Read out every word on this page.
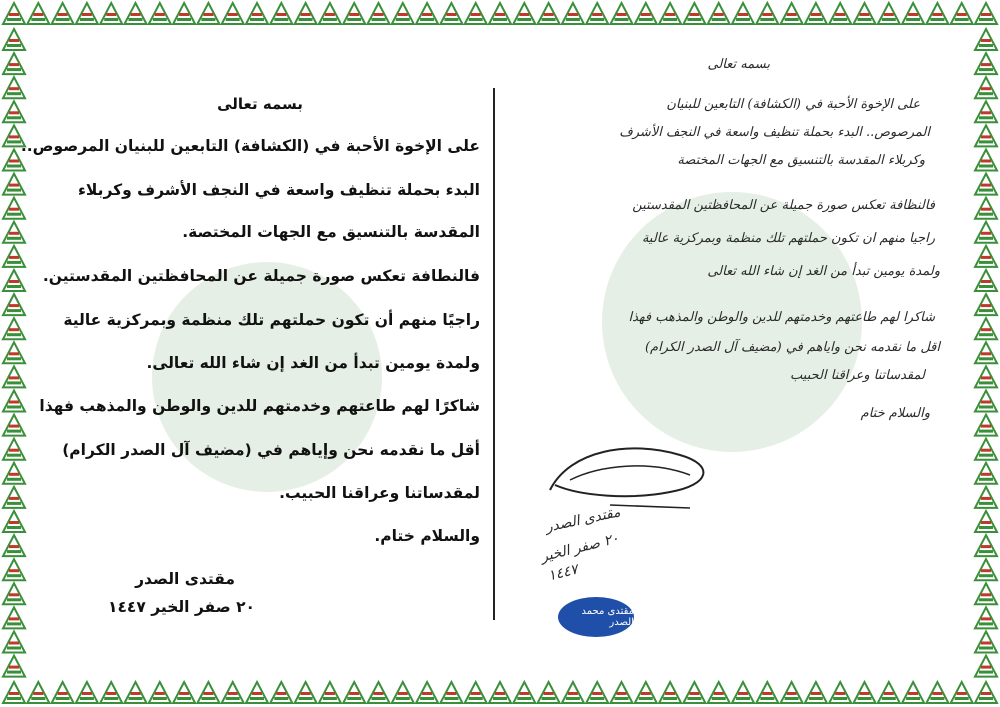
بسمه تعالى
على الإخوة الأحبة في (الكشافة) التابعين للبنيان المرصوص..
البدء بحملة تنظيف واسعة في النجف الأشرف وكربلاء
المقدسة بالتنسيق مع الجهات المختصة.
فالنطافة تعكس صورة جميلة عن المحافظتين المقدستين.
راجيًا منهم أن تكون حملتهم تلك منظمة وبمركزية عالية
ولمدة يومين تبدأ من الغد إن شاء الله تعالى.
شاكرًا لهم طاعتهم وخدمتهم للدين والوطن والمذهب فهذا
أقل ما نقدمه نحن وإياهم في (مضيف آل الصدر الكرام)
لمقدساتنا وعراقنا الحبيب.
والسلام ختام.
مقتدى الصدر
٢٠ صفر الخير ١٤٤٧
بسمه تعالى
على الإخوة الأحبة في (الكشافة) التابعين للبنيان
المرصوص.. البدء بحملة تنظيف واسعة في النجف الأشرف
وكربلاء المقدسة بالتنسيق مع الجهات المختصة
فالنظافة تعكس صورة جميلة عن المحافظتين المقدستين
راجيا منهم ان تكون حملتهم تلك منظمة وبمركزية عالية
ولمدة يومين تبدأ من الغد إن شاء الله تعالى
شاكرا لهم طاعتهم وخدمتهم للدين والوطن والمذهب فهذا
اقل ما نقدمه نحن واياهم في (مضيف آل الصدر الكرام)
لمقدساتنا وعراقنا الحبيب
والسلام ختام
مقتدى الصدر
٢٠ صفر الخير
١٤٤٧
مقتدى محمد الصدر
